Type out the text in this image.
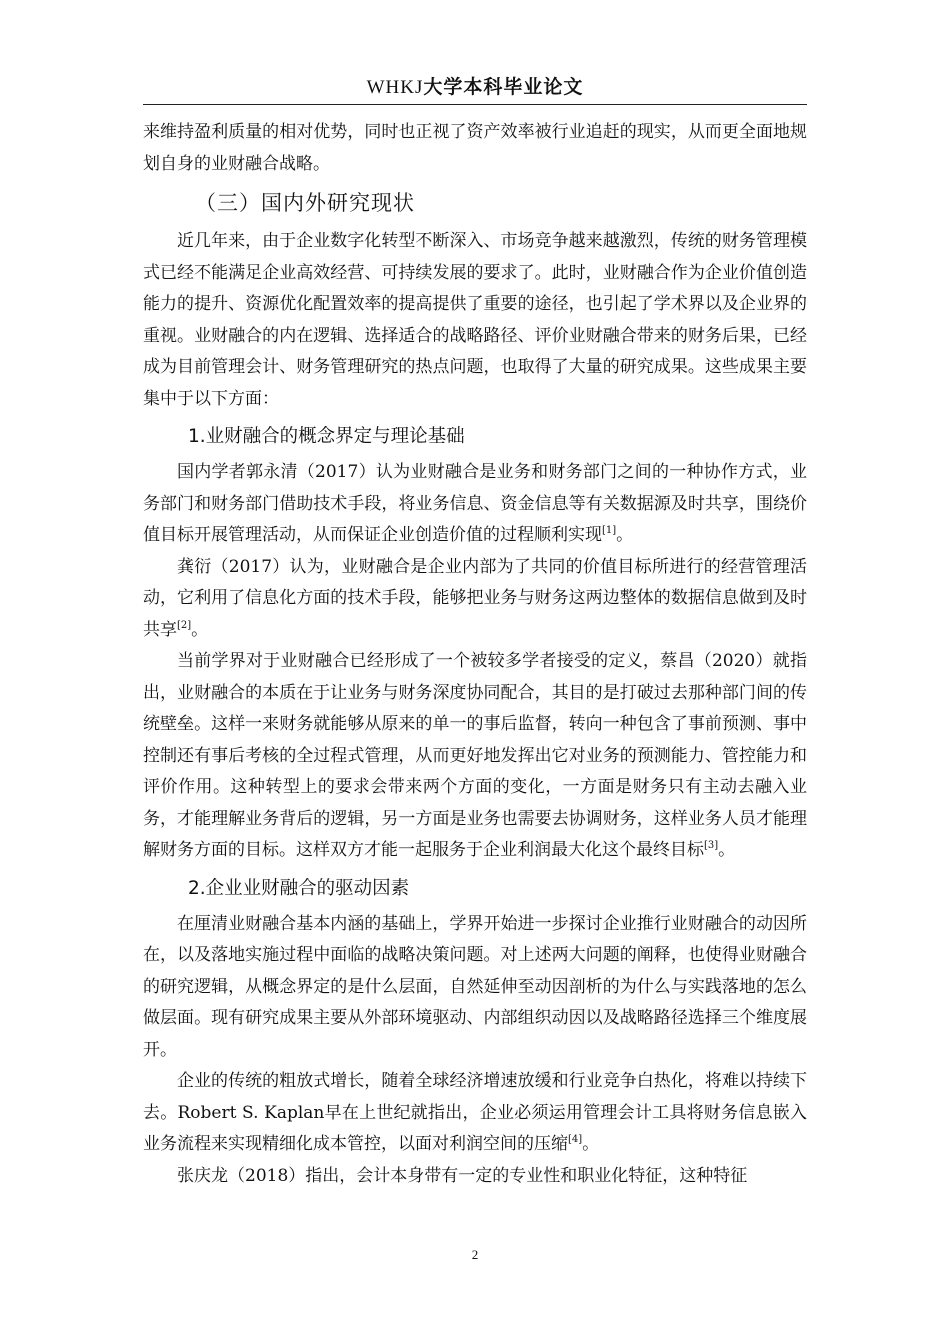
WHKJ大学本科毕业论文

来维持盈利质量的相对优势，同时也正视了资产效率被行业追赶的现实，从而更全面地规划自身的业财融合战略。

（三）国内外研究现状

近几年来，由于企业数字化转型不断深入、市场竞争越来越激烈，传统的财务管理模式已经不能满足企业高效经营、可持续发展的要求了。此时，业财融合作为企业价值创造能力的提升、资源优化配置效率的提高提供了重要的途径，也引起了学术界以及企业界的重视。业财融合的内在逻辑、选择适合的战略路径、评价业财融合带来的财务后果，已经成为目前管理会计、财务管理研究的热点问题，也取得了大量的研究成果。这些成果主要集中于以下方面：

1.业财融合的概念界定与理论基础

国内学者郭永清（2017）认为业财融合是业务和财务部门之间的一种协作方式，业务部门和财务部门借助技术手段，将业务信息、资金信息等有关数据源及时共享，围绕价值目标开展管理活动，从而保证企业创造价值的过程顺利实现[1]。

龚衍（2017）认为，业财融合是企业内部为了共同的价值目标所进行的经营管理活动，它利用了信息化方面的技术手段，能够把业务与财务这两边整体的数据信息做到及时共享[2]。

当前学界对于业财融合已经形成了一个被较多学者接受的定义，蔡昌（2020）就指出，业财融合的本质在于让业务与财务深度协同配合，其目的是打破过去那种部门间的传统壁垒。这样一来财务就能够从原来的单一的事后监督，转向一种包含了事前预测、事中控制还有事后考核的全过程式管理，从而更好地发挥出它对业务的预测能力、管控能力和评价作用。这种转型上的要求会带来两个方面的变化，一方面是财务只有主动去融入业务，才能理解业务背后的逻辑，另一方面是业务也需要去协调财务，这样业务人员才能理解财务方面的目标。这样双方才能一起服务于企业利润最大化这个最终目标[3]。

2.企业业财融合的驱动因素

在厘清业财融合基本内涵的基础上，学界开始进一步探讨企业推行业财融合的动因所在，以及落地实施过程中面临的战略决策问题。对上述两大问题的阐释，也使得业财融合的研究逻辑，从概念界定的是什么层面，自然延伸至动因剖析的为什么与实践落地的怎么做层面。现有研究成果主要从外部环境驱动、内部组织动因以及战略路径选择三个维度展开。

企业的传统的粗放式增长，随着全球经济增速放缓和行业竞争白热化，将难以持续下去。Robert S. Kaplan早在上世纪就指出，企业必须运用管理会计工具将财务信息嵌入业务流程来实现精细化成本管控，以面对利润空间的压缩[4]。

张庆龙（2018）指出，会计本身带有一定的专业性和职业化特征，这种特征

2
